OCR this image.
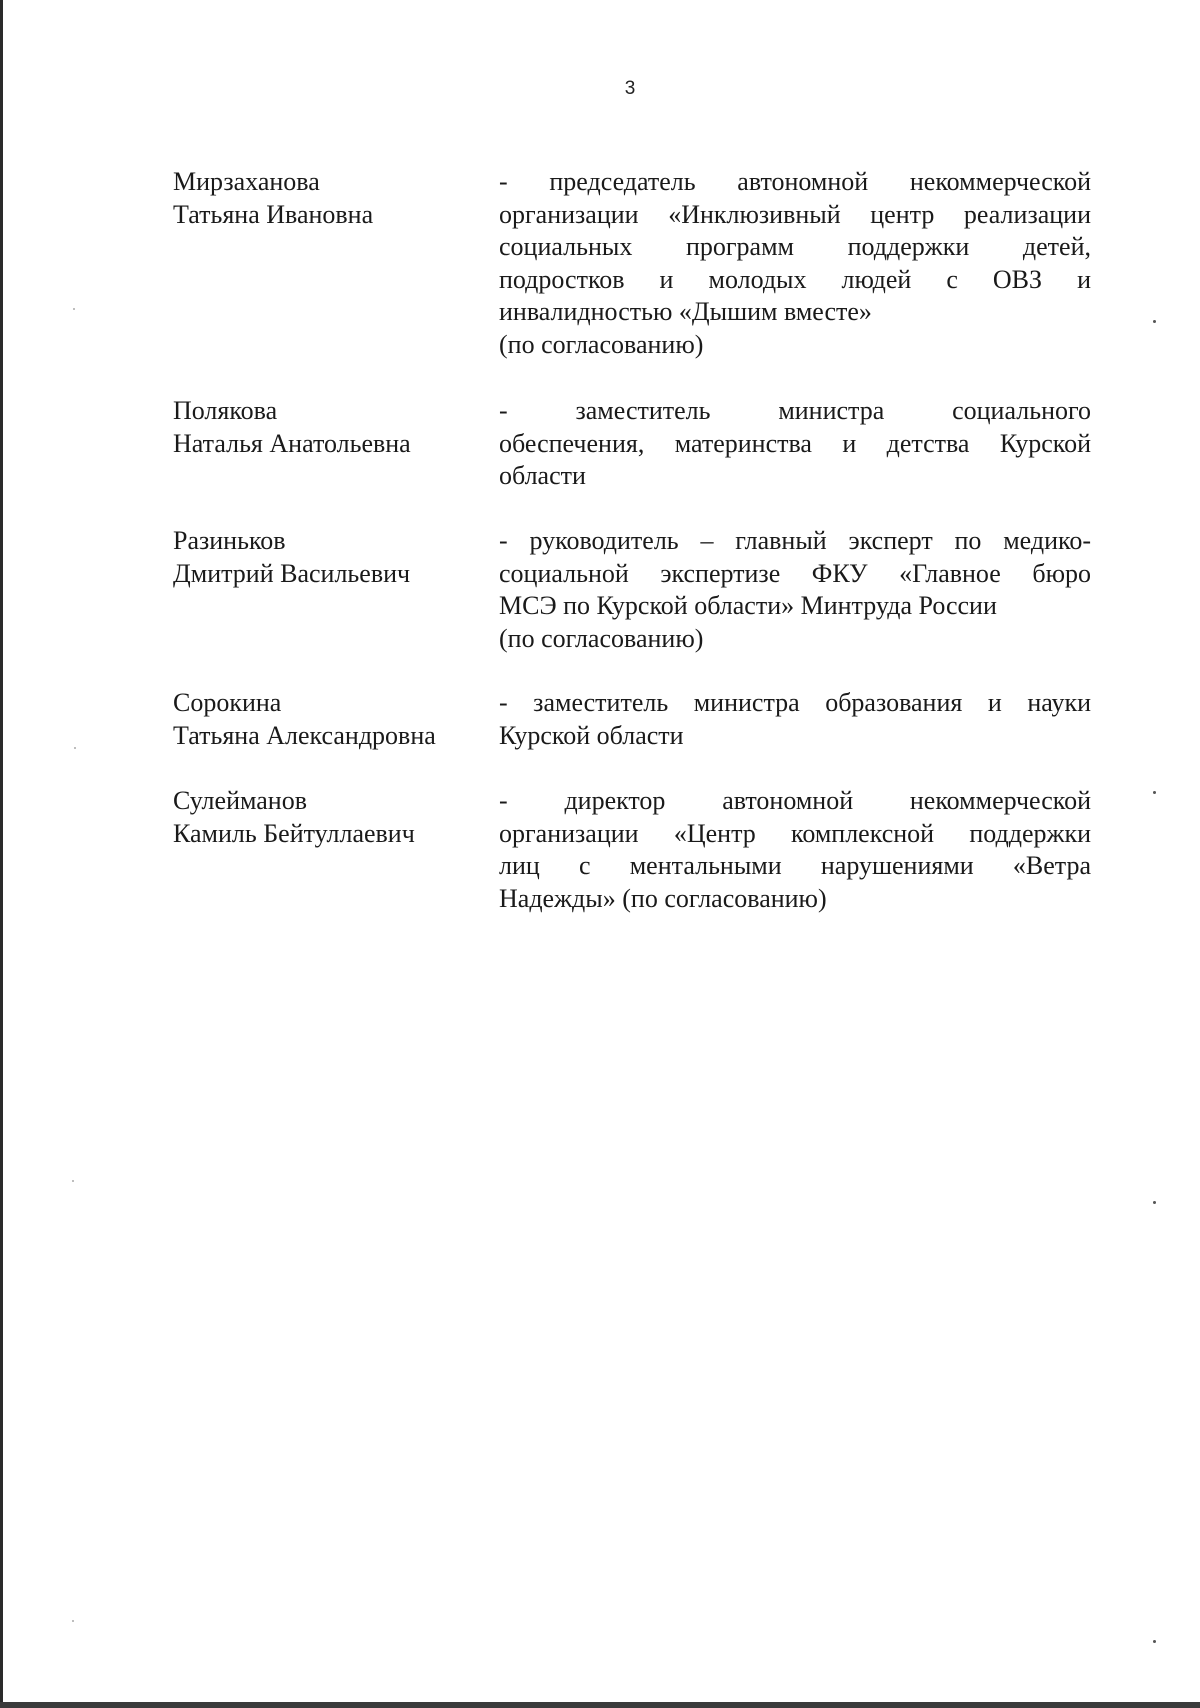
3
Мирзаханова
Татьяна Ивановна
- председатель автономной некоммерческой
организации «Инклюзивный центр реализации
социальных программ поддержки детей,
подростков и молодых людей с ОВЗ и
инвалидностью «Дышим вместе»
(по согласованию)
Полякова
Наталья Анатольевна
- заместитель министра социального
обеспечения, материнства и детства Курской
области
Разиньков
Дмитрий Васильевич
- руководитель – главный эксперт по медико-
социальной экспертизе ФКУ «Главное бюро
МСЭ по Курской области» Минтруда России
(по согласованию)
Сорокина
Татьяна Александровна
- заместитель министра образования и науки
Курской области
Сулейманов
Камиль Бейтуллаевич
- директор автономной некоммерческой
организации «Центр комплексной поддержки
лиц с ментальными нарушениями «Ветра
Надежды» (по согласованию)
